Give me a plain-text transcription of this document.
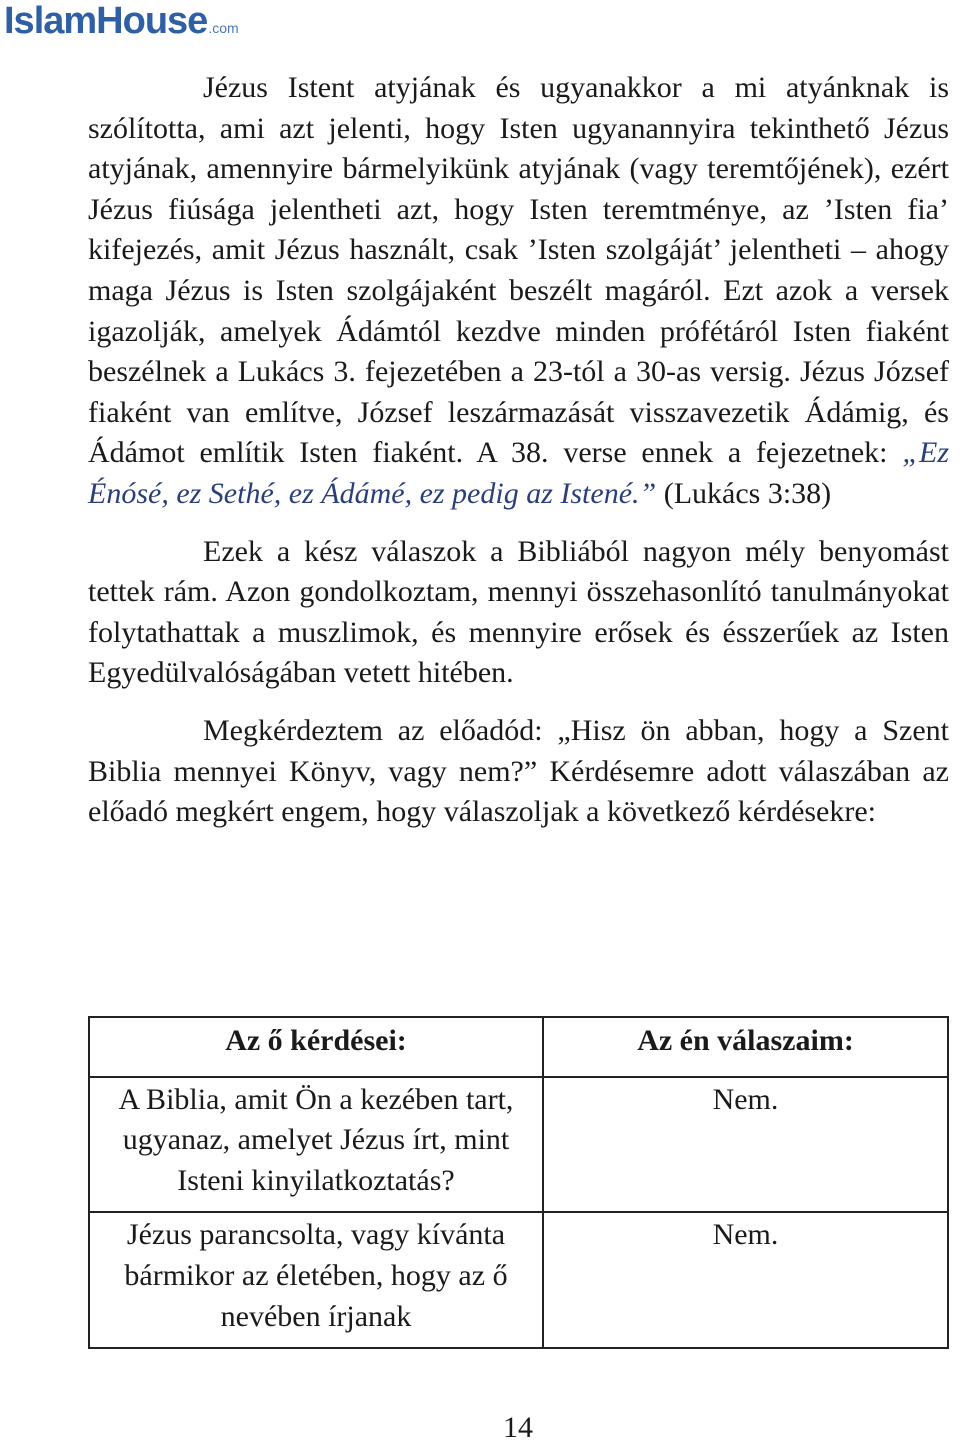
IslamHouse .com

Jézus Istent atyjának és ugyanakkor a mi atyánknak is szólította, ami azt jelenti, hogy Isten ugyanannyira tekinthető Jézus atyjának, amennyire bármelyikünk atyjának (vagy teremtőjének), ezért Jézus fiúsága jelentheti azt, hogy Isten teremtménye, az ’Isten fia’ kifejezés, amit Jézus használt, csak ’Isten szolgáját’ jelentheti – ahogy maga Jézus is Isten szolgájaként beszélt magáról. Ezt azok a versek igazolják, amelyek Ádámtól kezdve minden prófétáról Isten fiaként beszélnek a Lukács 3. fejezetében a 23-tól a 30-as versig. Jézus József fiaként van említve, József leszármazását visszavezetik Ádámig, és Ádámot említik Isten fiaként. A 38. verse ennek a fejezetnek: „Ez Énósé, ez Sethé, ez Ádámé, ez pedig az Istené.” (Lukács 3:38)

Ezek a kész válaszok a Bibliából nagyon mély benyomást tettek rám. Azon gondolkoztam, mennyi összehasonlító tanulmányokat folytathattak a muszlimok, és mennyire erősek és ésszerűek az Isten Egyedülvalóságában vetett hitében.

Megkérdeztem az előadód: „Hisz ön abban, hogy a Szent Biblia mennyei Könyv, vagy nem?” Kérdésemre adott válaszában az előadó megkért engem, hogy válaszoljak a következő kérdésekre:

Az ő kérdései:	Az én válaszaim:
A Biblia, amit Ön a kezében tart, ugyanaz, amelyet Jézus írt, mint Isteni kinyilatkoztatás?	Nem.
Jézus parancsolta, vagy kívánta bármikor az életében, hogy az ő nevében írjanak	Nem.
14
